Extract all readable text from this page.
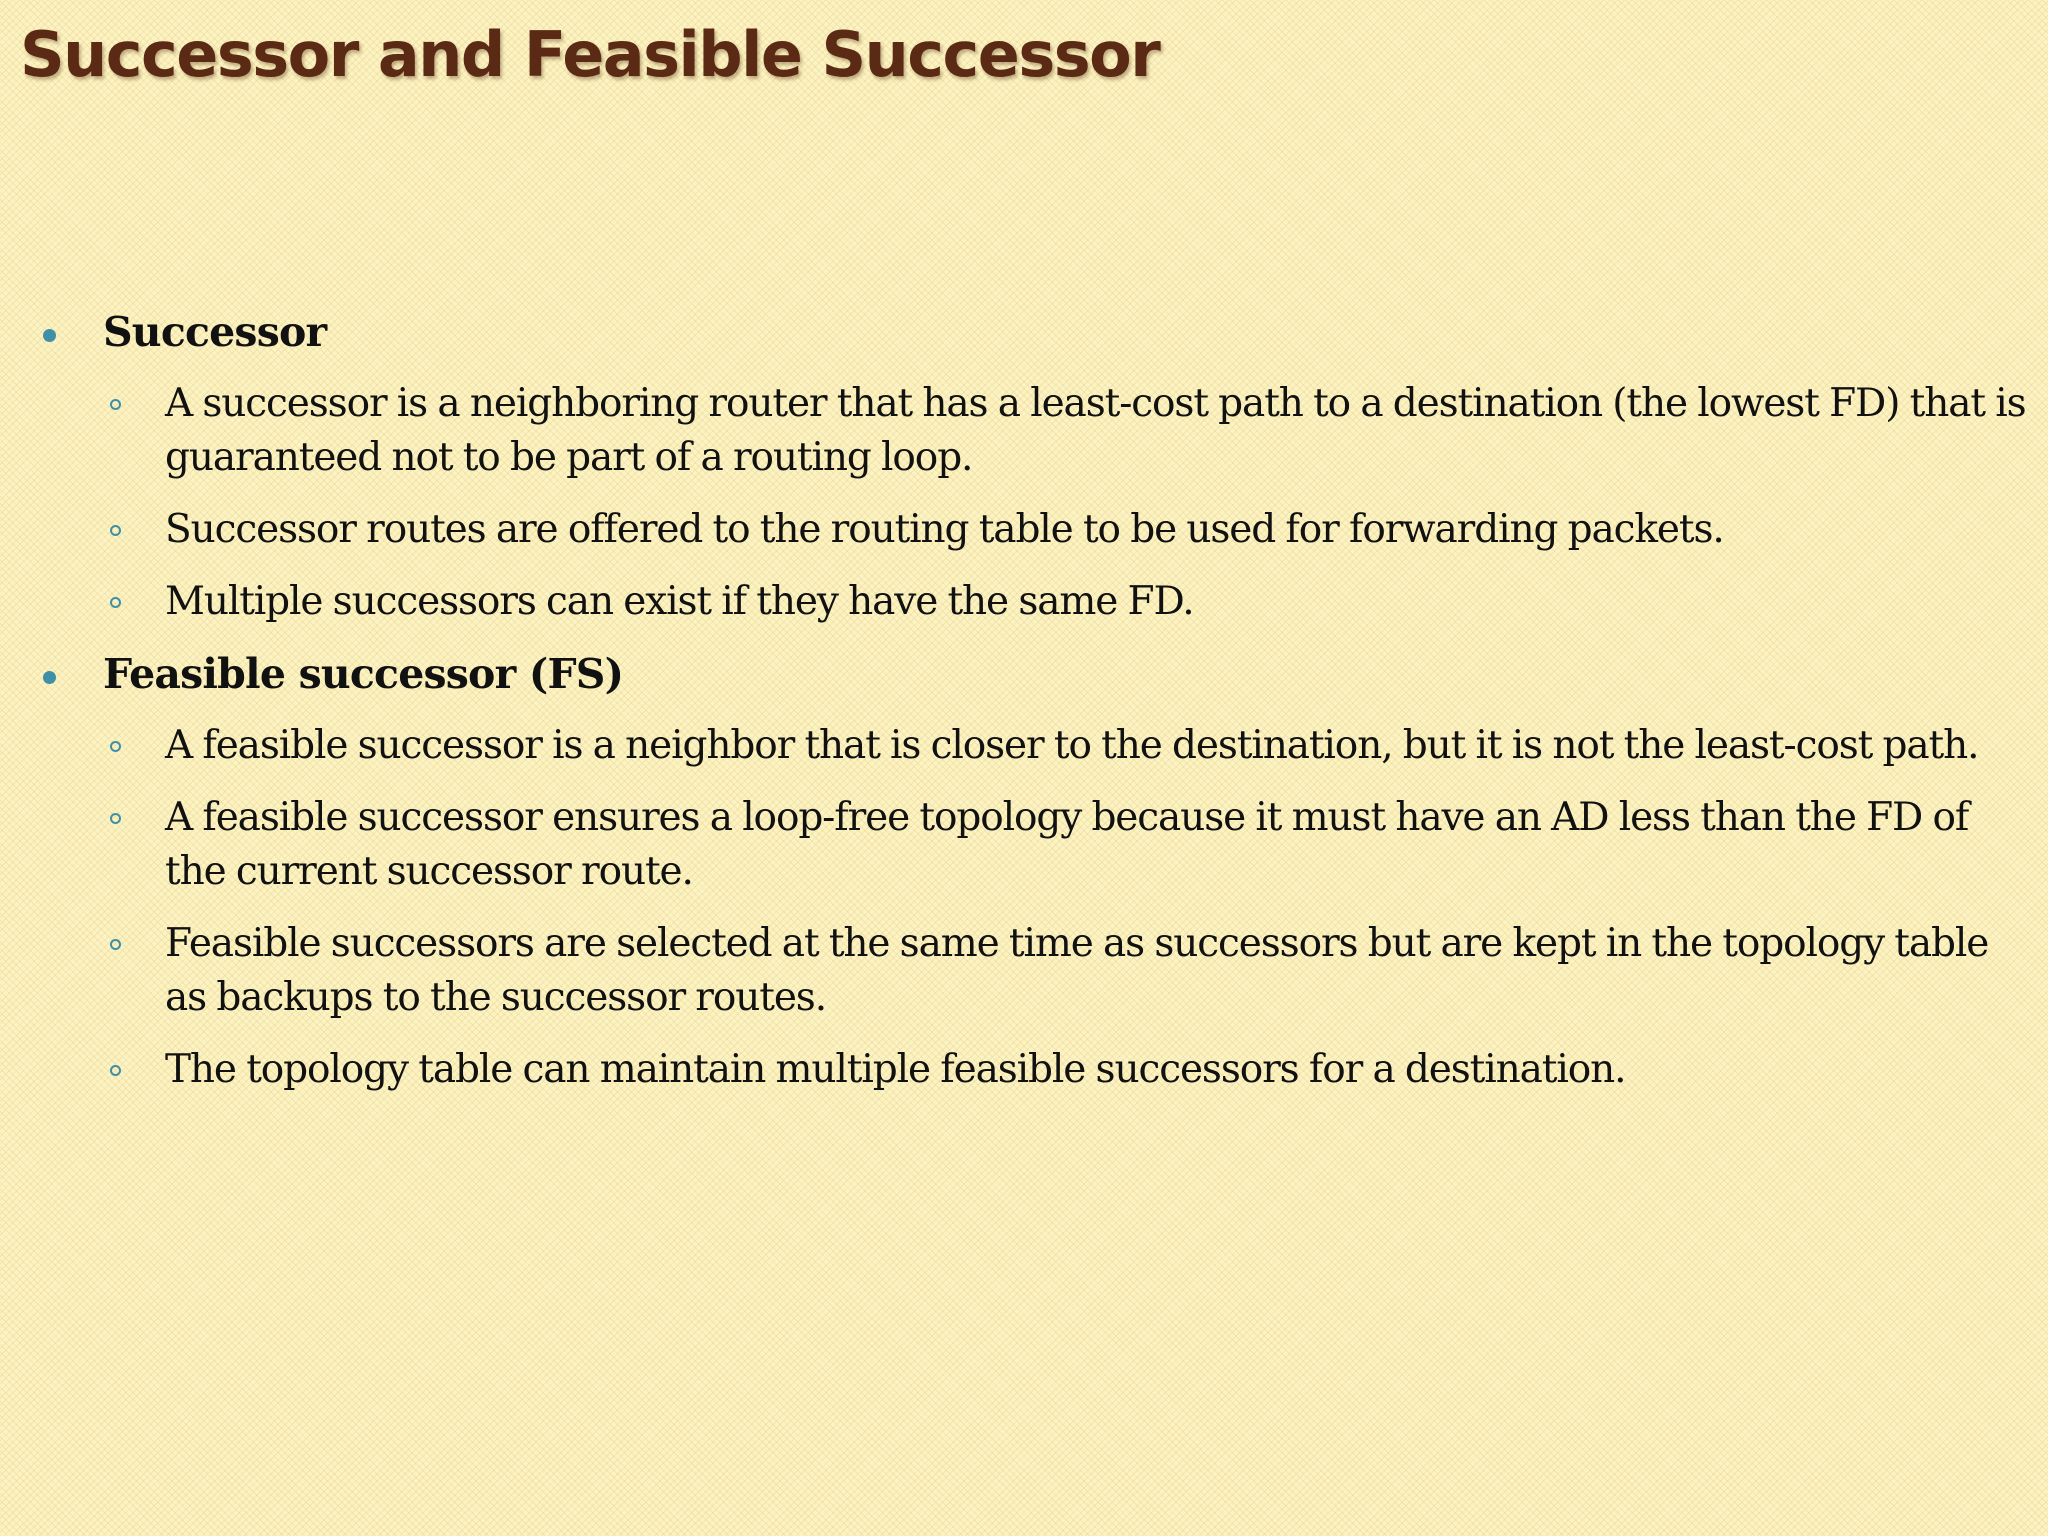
Successor and Feasible Successor
Successor
A successor is a neighboring router that has a least-cost path to a destination (the lowest FD) that is guaranteed not to be part of a routing loop.
Successor routes are offered to the routing table to be used for forwarding packets.
Multiple successors can exist if they have the same FD.
Feasible successor (FS)
A feasible successor is a neighbor that is closer to the destination, but it is not the least-cost path.
A feasible successor ensures a loop-free topology because it must have an AD less than the FD of the current successor route.
Feasible successors are selected at the same time as successors but are kept in the topology table as backups to the successor routes.
The topology table can maintain multiple feasible successors for a destination.
